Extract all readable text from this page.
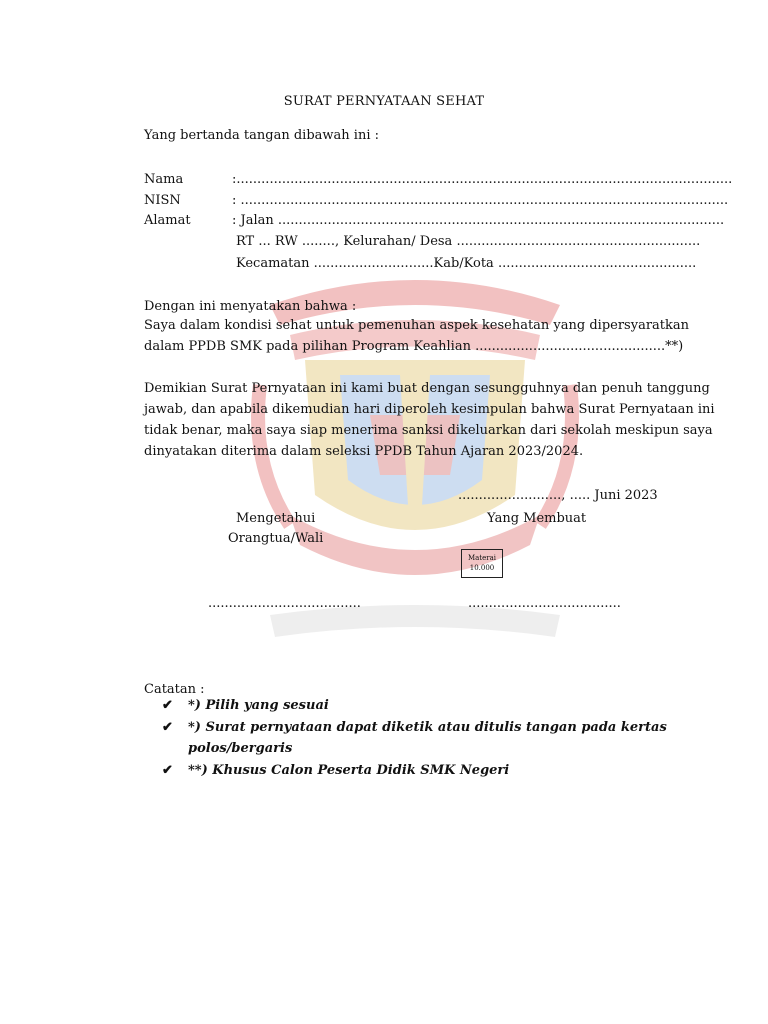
SURAT PERNYATAAN SEHAT
Yang bertanda tangan dibawah ini :
Nama	:........................................................................................................................
NISN	: ......................................................................................................................
Alamat	: Jalan ............................................................................................................
RT ... RW ........, Kelurahan/ Desa ...........................................................
Kecamatan .............................Kab/Kota ................................................
Dengan ini menyatakan bahwa :
Saya dalam kondisi sehat untuk pemenuhan aspek kesehatan yang dipersyaratkan
dalam PPDB SMK pada pilihan Program Keahlian ..............................................**)
Demikian Surat Pernyataan ini kami buat dengan sesungguhnya dan penuh tanggung
jawab, dan apabila dikemudian hari diperoleh kesimpulan bahwa Surat Pernyataan ini
tidak benar, maka saya siap menerima sanksi dikeluarkan dari sekolah meskipun saya
dinyatakan diterima dalam seleksi PPDB Tahun Ajaran 2023/2024.
........................., ..... Juni 2023
Mengetahui	Yang Membuat
Orangtua/Wali
Materai
10.000
.....................................	.....................................
Catatan :
✔ *) Pilih yang sesuai
✔ *) Surat pernyataan dapat diketik atau ditulis tangan pada kertas
polos/bergaris
✔ **) Khusus Calon Peserta Didik SMK Negeri
